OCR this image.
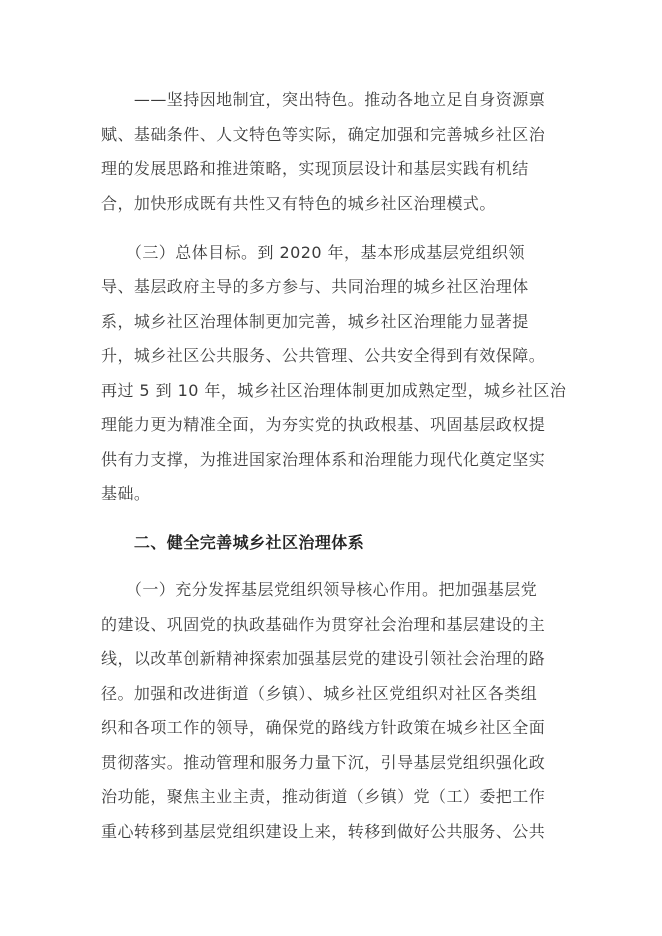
　　——坚持因地制宜，突出特色。推动各地立足自身资源禀
赋、基础条件、人文特色等实际，确定加强和完善城乡社区治
理的发展思路和推进策略，实现顶层设计和基层实践有机结
合，加快形成既有共性又有特色的城乡社区治理模式。
　　（三）总体目标。到 2020 年，基本形成基层党组织领
导、基层政府主导的多方参与、共同治理的城乡社区治理体
系，城乡社区治理体制更加完善，城乡社区治理能力显著提
升，城乡社区公共服务、公共管理、公共安全得到有效保障。
再过 5 到 10 年，城乡社区治理体制更加成熟定型，城乡社区治
理能力更为精准全面，为夯实党的执政根基、巩固基层政权提
供有力支撑，为推进国家治理体系和治理能力现代化奠定坚实
基础。
　　二、健全完善城乡社区治理体系
　　（一）充分发挥基层党组织领导核心作用。把加强基层党
的建设、巩固党的执政基础作为贯穿社会治理和基层建设的主
线，以改革创新精神探索加强基层党的建设引领社会治理的路
径。加强和改进街道（乡镇）、城乡社区党组织对社区各类组
织和各项工作的领导，确保党的路线方针政策在城乡社区全面
贯彻落实。推动管理和服务力量下沉，引导基层党组织强化政
治功能，聚焦主业主责，推动街道（乡镇）党（工）委把工作
重心转移到基层党组织建设上来，转移到做好公共服务、公共
